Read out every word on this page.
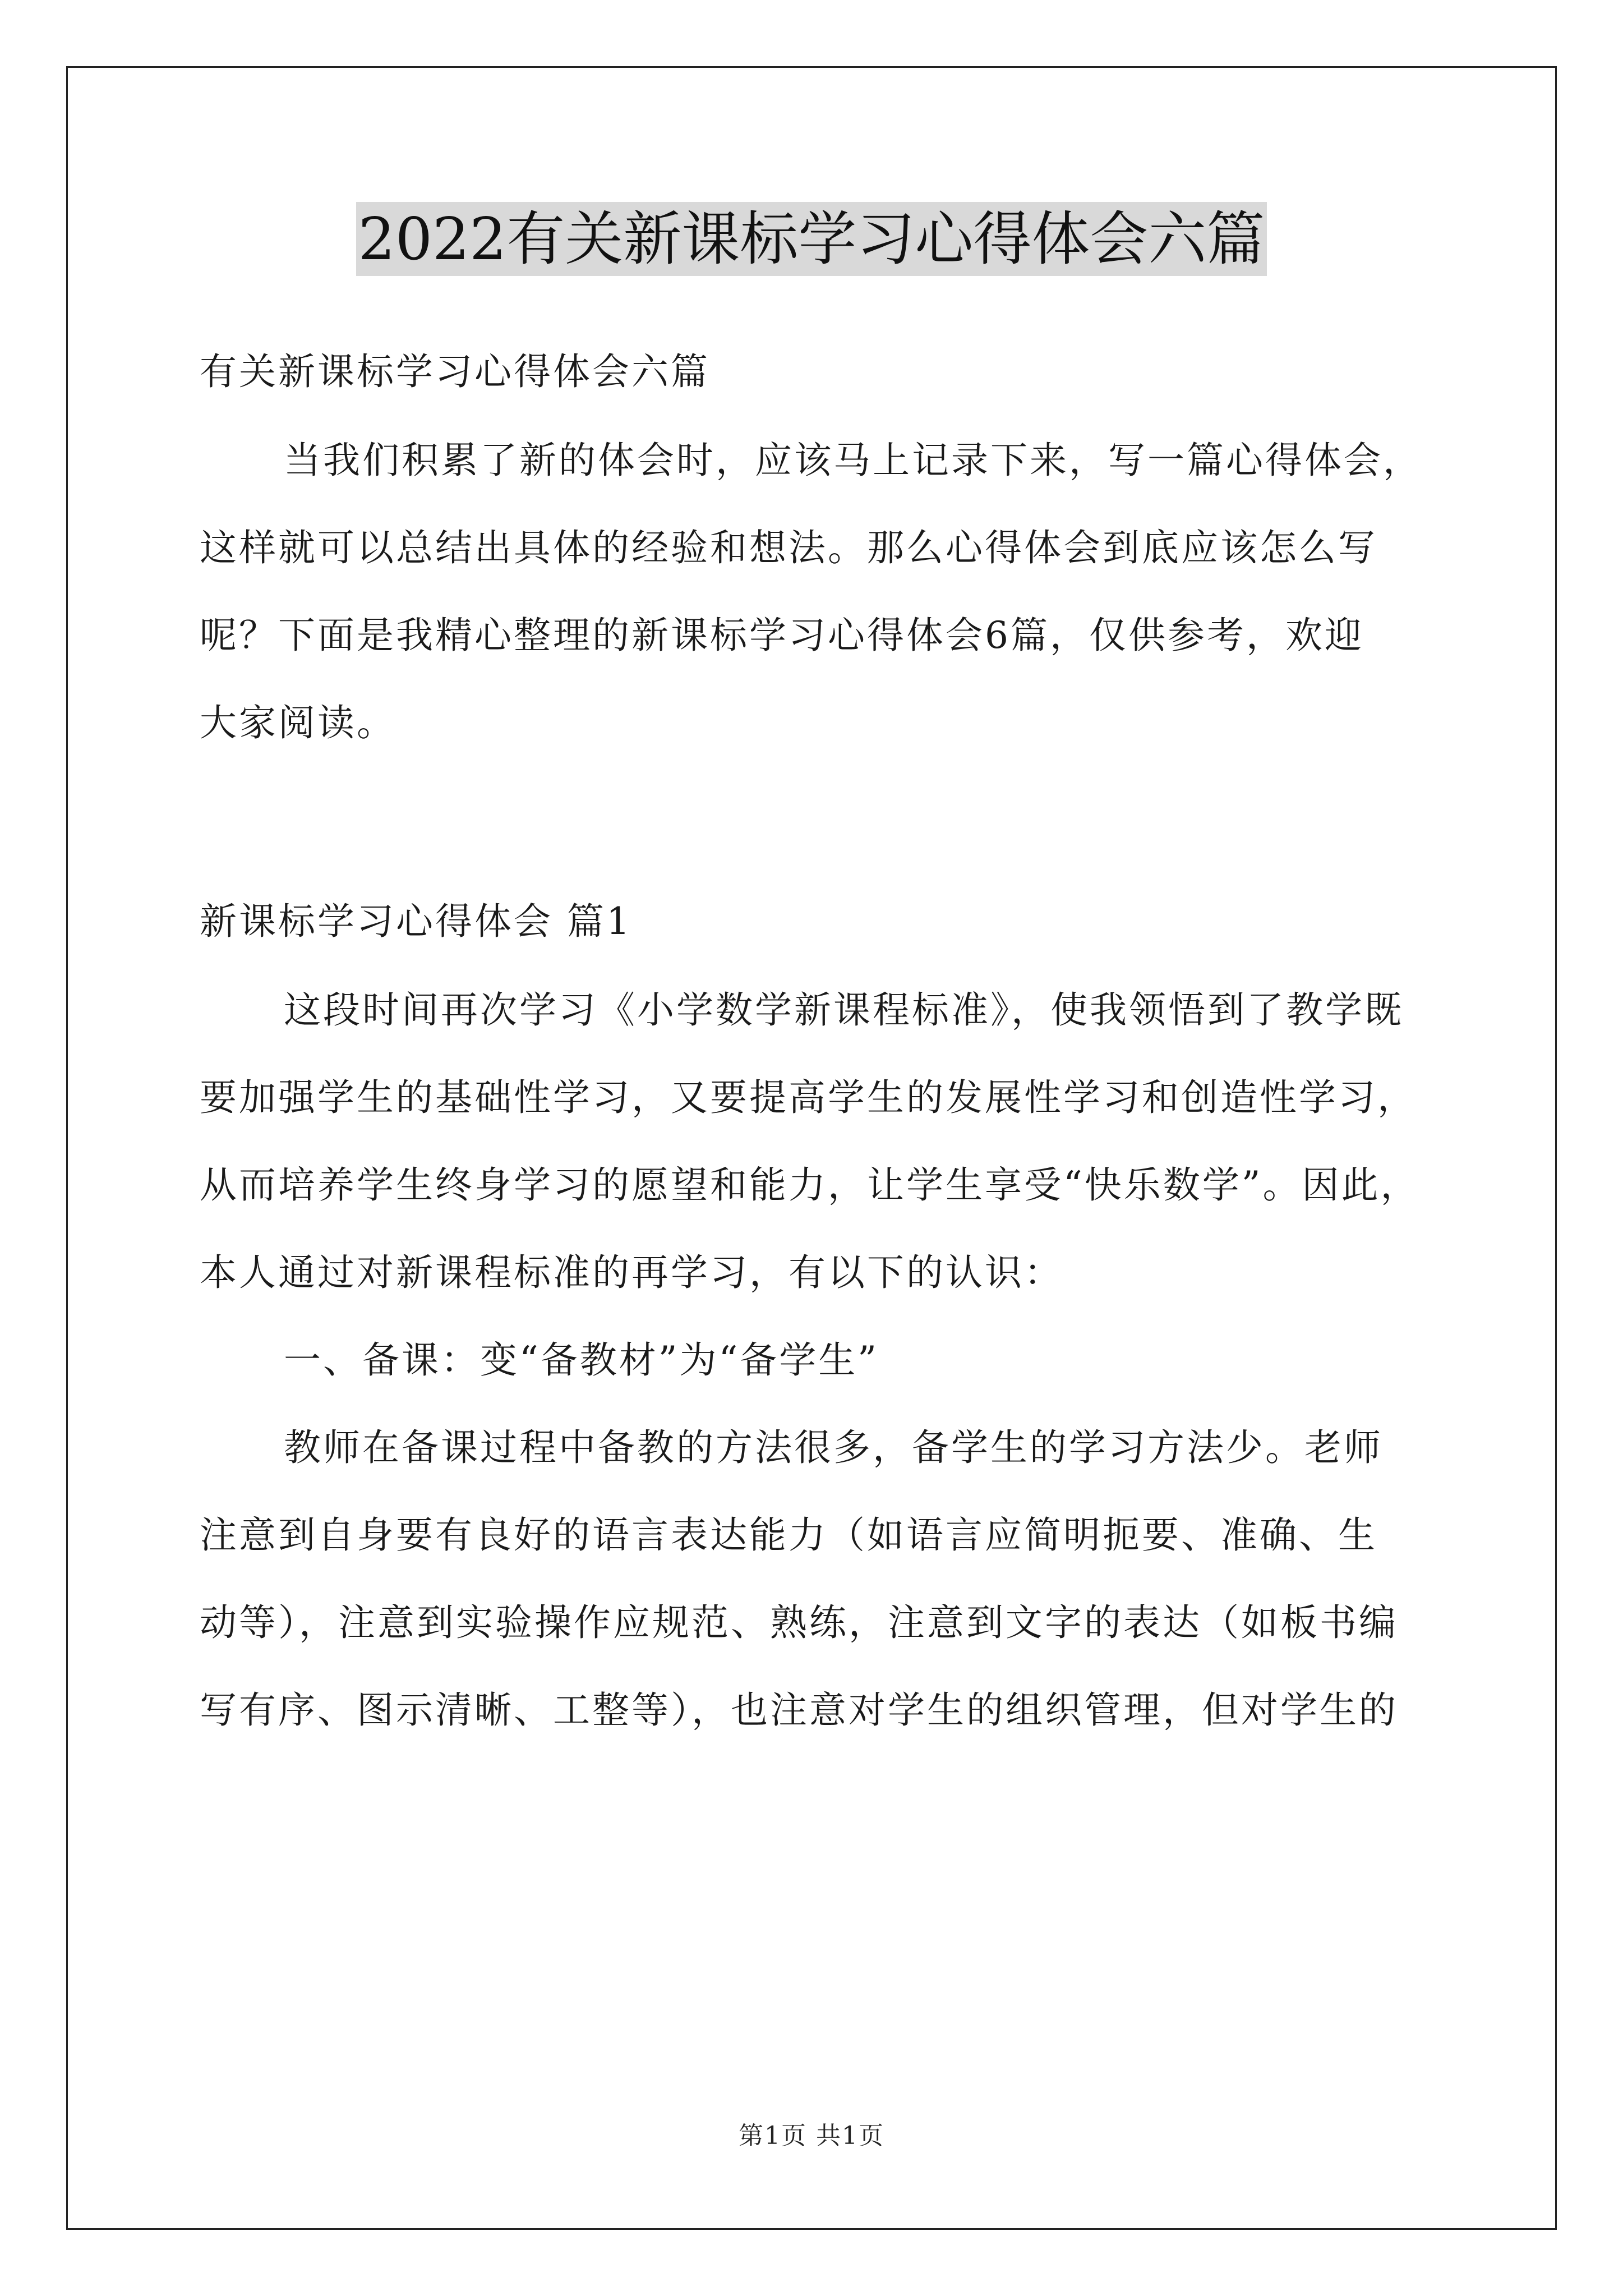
2022有关新课标学习心得体会六篇
有关新课标学习心得体会六篇
当我们积累了新的体会时，应该马上记录下来，写一篇心得体会，
这样就可以总结出具体的经验和想法。那么心得体会到底应该怎么写
呢？下面是我精心整理的新课标学习心得体会6篇，仅供参考，欢迎
大家阅读。
新课标学习心得体会 篇1
这段时间再次学习《小学数学新课程标准》，使我领悟到了教学既
要加强学生的基础性学习，又要提高学生的发展性学习和创造性学习，
从而培养学生终身学习的愿望和能力，让学生享受“快乐数学”。因此，
本人通过对新课程标准的再学习，有以下的认识：
一、备课：变“备教材”为“备学生”
教师在备课过程中备教的方法很多，备学生的学习方法少。老师
注意到自身要有良好的语言表达能力（如语言应简明扼要、准确、生
动等），注意到实验操作应规范、熟练，注意到文字的表达（如板书编
写有序、图示清晰、工整等），也注意对学生的组织管理，但对学生的
第1页 共1页
